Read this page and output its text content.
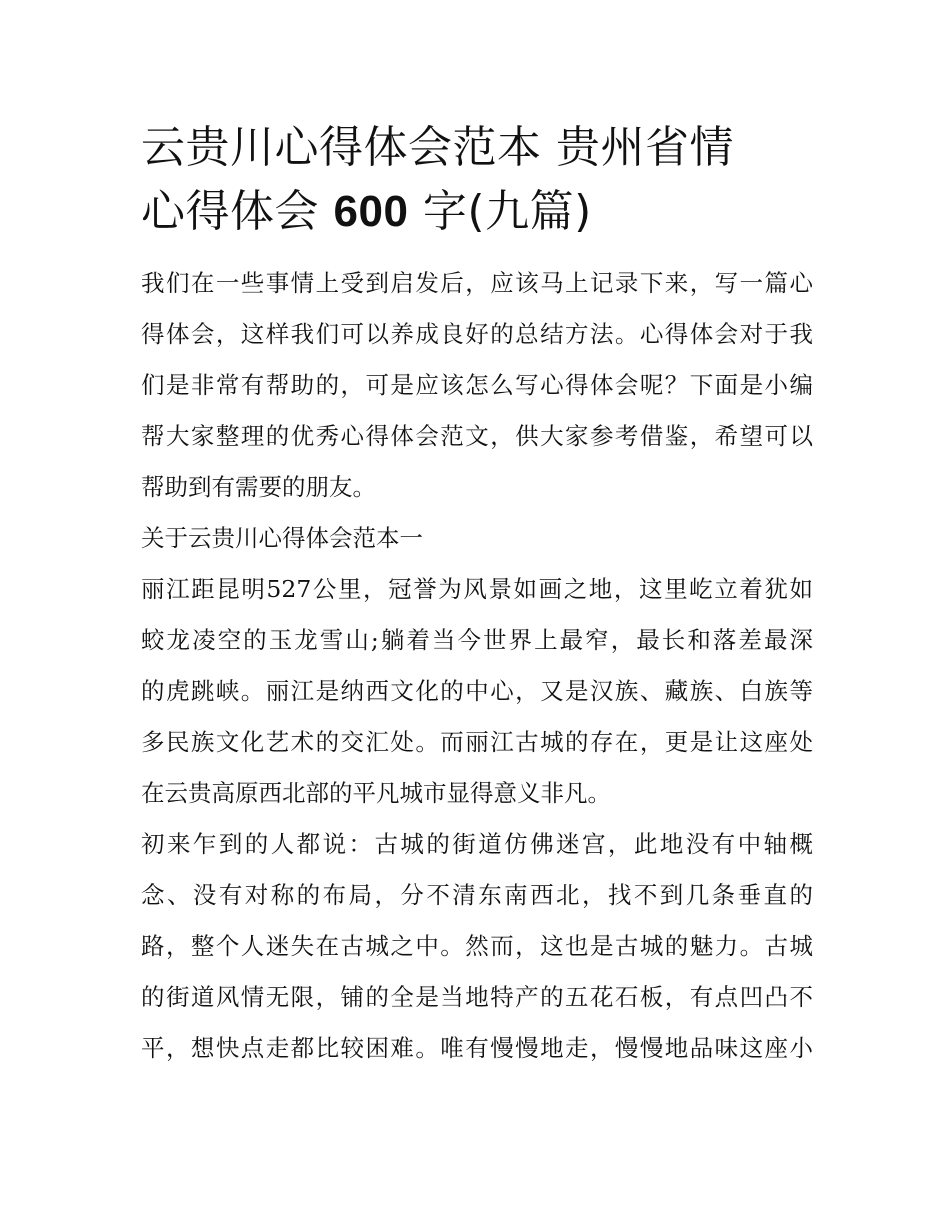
云贵川心得体会范本 贵州省情
心得体会 600 字(九篇)

我们在一些事情上受到启发后，应该马上记录下来，写一篇心
得体会，这样我们可以养成良好的总结方法。心得体会对于我
们是非常有帮助的，可是应该怎么写心得体会呢？下面是小编
帮大家整理的优秀心得体会范文，供大家参考借鉴，希望可以
帮助到有需要的朋友。

关于云贵川心得体会范本一

丽江距昆明527公里，冠誉为风景如画之地，这里屹立着犹如
蛟龙凌空的玉龙雪山;躺着当今世界上最窄，最长和落差最深
的虎跳峡。丽江是纳西文化的中心，又是汉族、藏族、白族等
多民族文化艺术的交汇处。而丽江古城的存在，更是让这座处
在云贵高原西北部的平凡城市显得意义非凡。

初来乍到的人都说：古城的街道仿佛迷宫，此地没有中轴概
念、没有对称的布局，分不清东南西北，找不到几条垂直的
路，整个人迷失在古城之中。然而，这也是古城的魅力。古城
的街道风情无限，铺的全是当地特产的五花石板，有点凹凸不
平，想快点走都比较困难。唯有慢慢地走，慢慢地品味这座小
